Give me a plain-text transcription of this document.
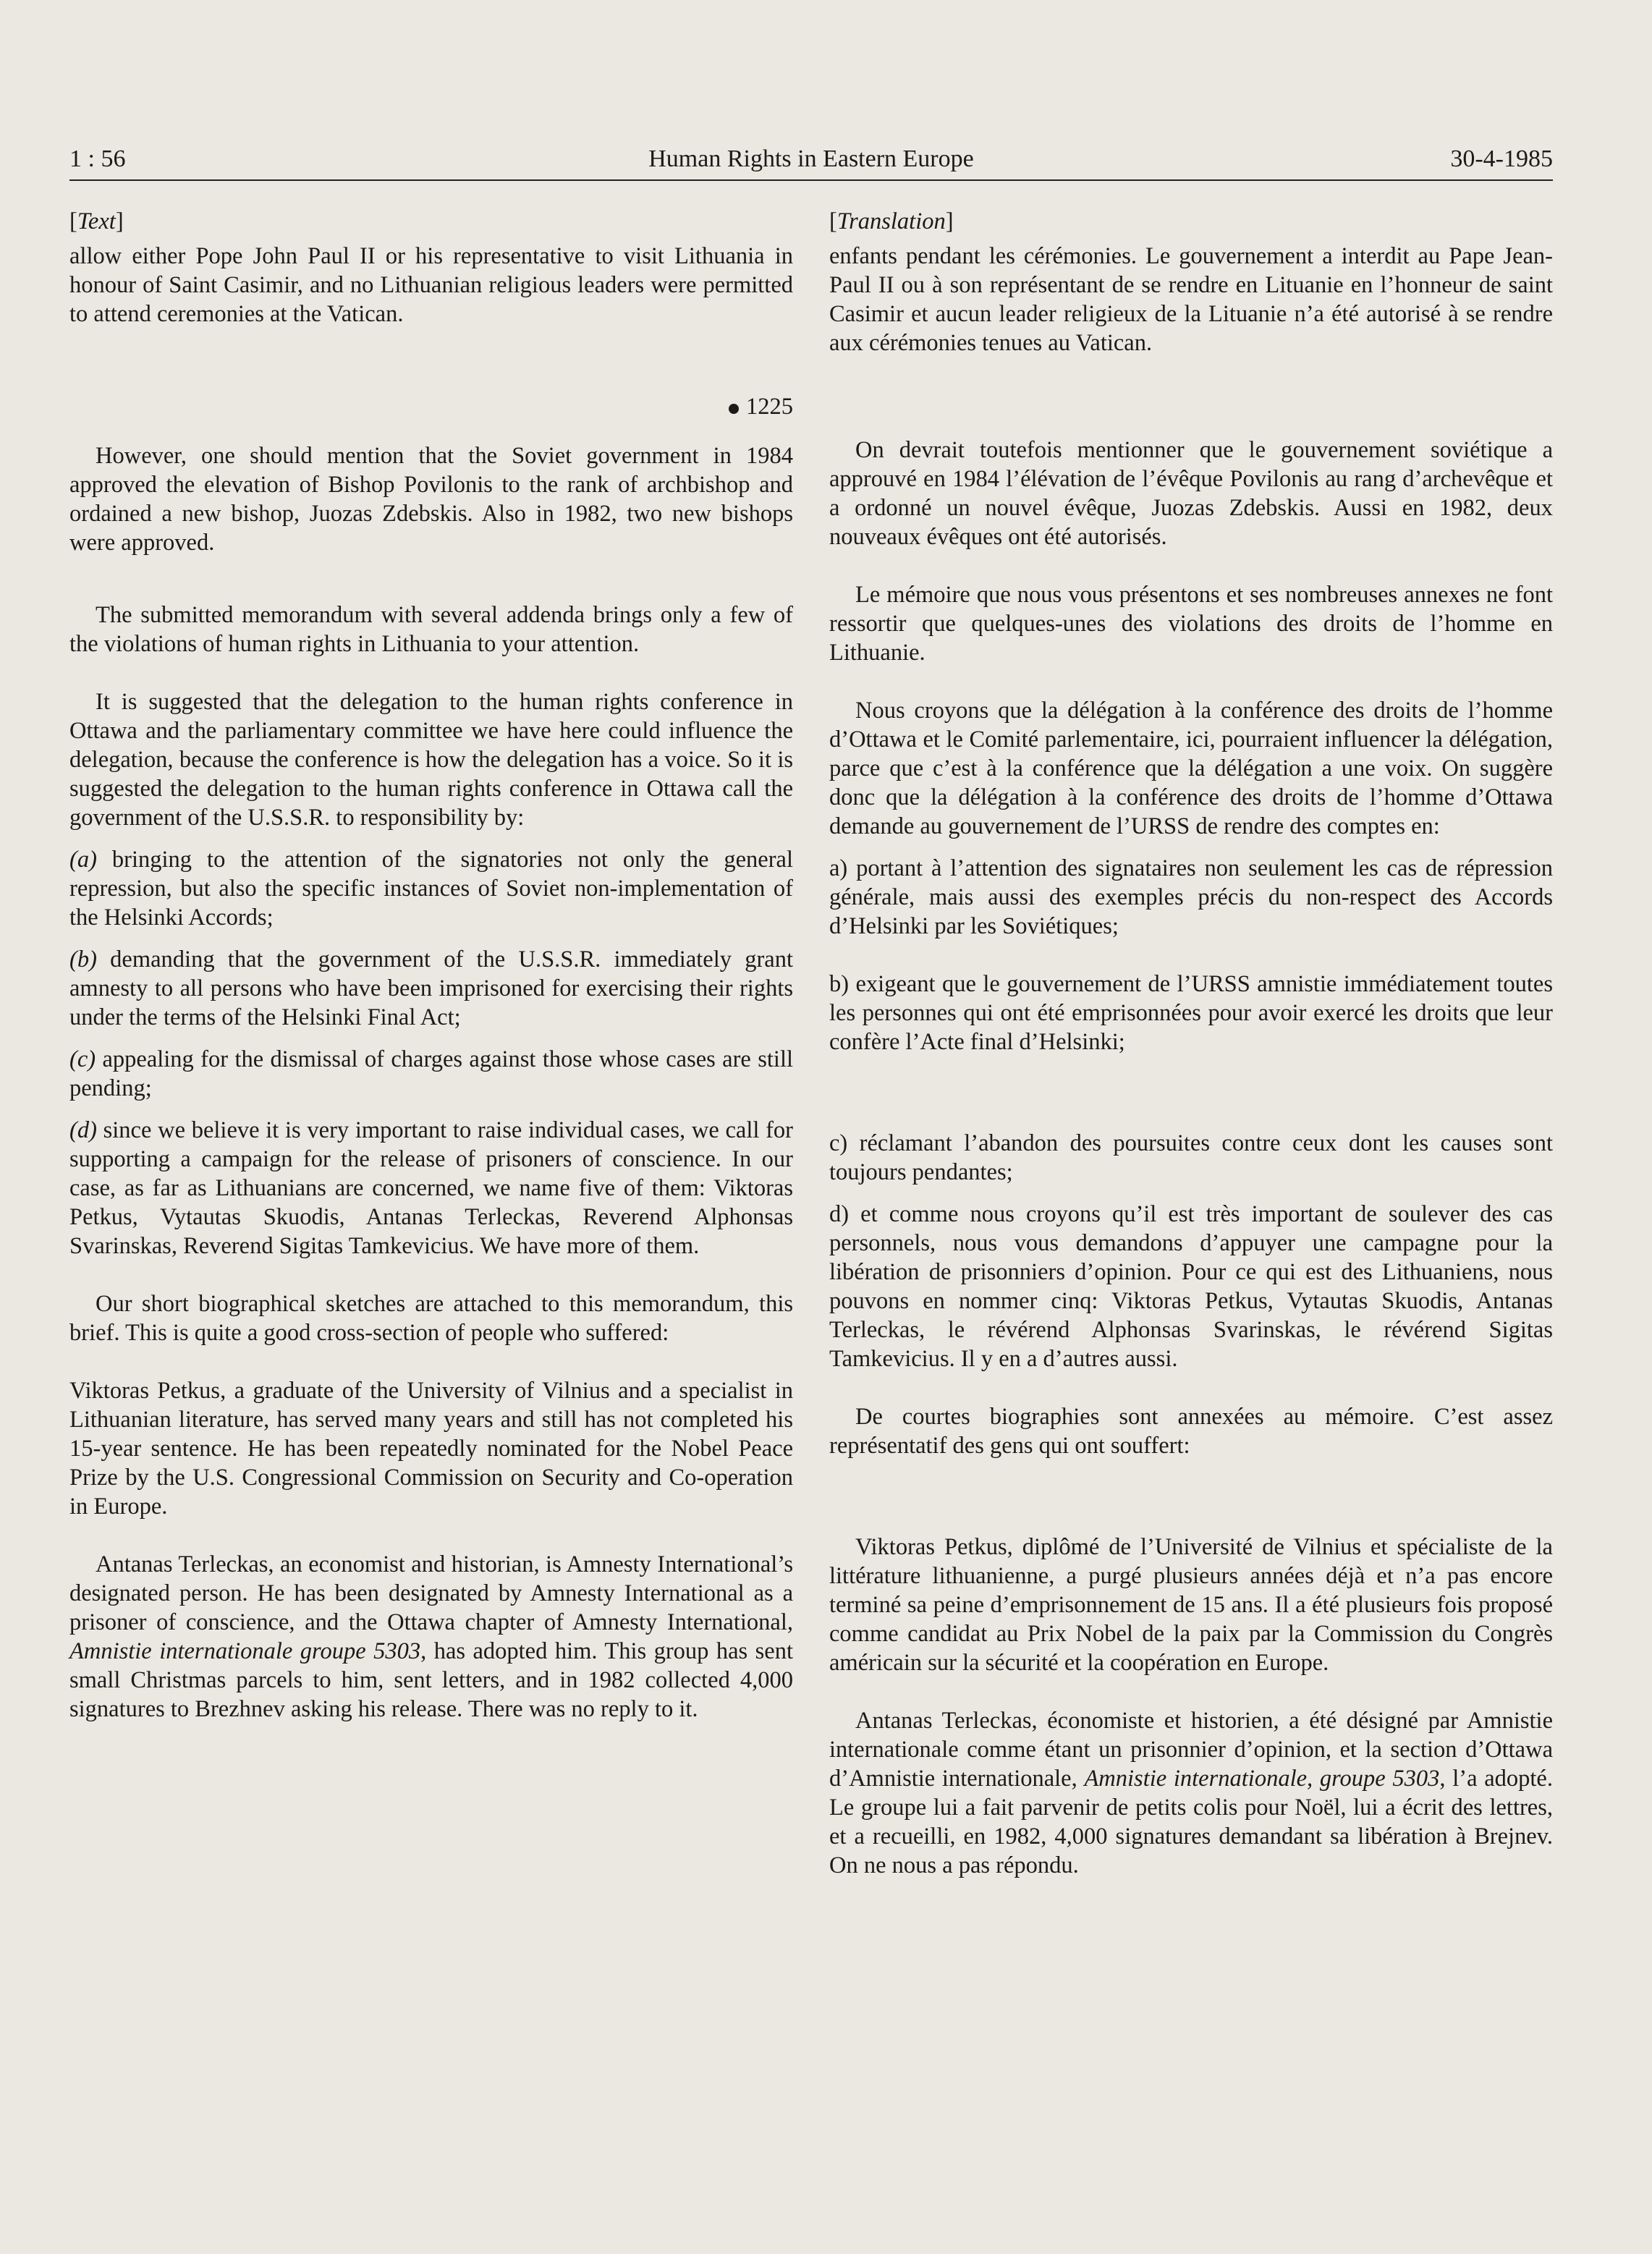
1 : 56	Human Rights in Eastern Europe	30-4-1985
[Text]

allow either Pope John Paul II or his representative to visit Lithuania in honour of Saint Casimir, and no Lithuanian religious leaders were permitted to attend ceremonies at the Vatican.

1225

However, one should mention that the Soviet government in 1984 approved the elevation of Bishop Povilonis to the rank of archbishop and ordained a new bishop, Juozas Zdebskis. Also in 1982, two new bishops were approved.

The submitted memorandum with several addenda brings only a few of the violations of human rights in Lithuania to your attention.

It is suggested that the delegation to the human rights conference in Ottawa and the parliamentary committee we have here could influence the delegation, because the conference is how the delegation has a voice. So it is suggested the delegation to the human rights conference in Ottawa call the government of the U.S.S.R. to responsibility by:

(a) bringing to the attention of the signatories not only the general repression, but also the specific instances of Soviet non-implementation of the Helsinki Accords;

(b) demanding that the government of the U.S.S.R. immediately grant amnesty to all persons who have been imprisoned for exercising their rights under the terms of the Helsinki Final Act;

(c) appealing for the dismissal of charges against those whose cases are still pending;

(d) since we believe it is very important to raise individual cases, we call for supporting a campaign for the release of prisoners of conscience. In our case, as far as Lithuanians are concerned, we name five of them: Viktoras Petkus, Vytautas Skuodis, Antanas Terleckas, Reverend Alphonsas Svarinskas, Reverend Sigitas Tamkevicius. We have more of them.

Our short biographical sketches are attached to this memorandum, this brief. This is quite a good cross-section of people who suffered:

Viktoras Petkus, a graduate of the University of Vilnius and a specialist in Lithuanian literature, has served many years and still has not completed his 15-year sentence. He has been repeatedly nominated for the Nobel Peace Prize by the U.S. Congressional Commission on Security and Co-operation in Europe.

Antanas Terleckas, an economist and historian, is Amnesty International’s designated person. He has been designated by Amnesty International as a prisoner of conscience, and the Ottawa chapter of Amnesty International, Amnistie internationale groupe 5303, has adopted him. This group has sent small Christmas parcels to him, sent letters, and in 1982 collected 4,000 signatures to Brezhnev asking his release. There was no reply to it.

[Translation]

enfants pendant les cérémonies. Le gouvernement a interdit au Pape Jean-Paul II ou à son représentant de se rendre en Lituanie en l’honneur de saint Casimir et aucun leader religieux de la Lituanie n’a été autorisé à se rendre aux cérémonies tenues au Vatican.

On devrait toutefois mentionner que le gouvernement soviétique a approuvé en 1984 l’élévation de l’évêque Povilonis au rang d’archevêque et a ordonné un nouvel évêque, Juozas Zdebskis. Aussi en 1982, deux nouveaux évêques ont été autorisés.

Le mémoire que nous vous présentons et ses nombreuses annexes ne font ressortir que quelques-unes des violations des droits de l’homme en Lithuanie.

Nous croyons que la délégation à la conférence des droits de l’homme d’Ottawa et le Comité parlementaire, ici, pourraient influencer la délégation, parce que c’est à la conférence que la délégation a une voix. On suggère donc que la délégation à la conférence des droits de l’homme d’Ottawa demande au gouvernement de l’URSS de rendre des comptes en:

a) portant à l’attention des signataires non seulement les cas de répression générale, mais aussi des exemples précis du non-respect des Accords d’Helsinki par les Soviétiques;

b) exigeant que le gouvernement de l’URSS amnistie immédiatement toutes les personnes qui ont été emprisonnées pour avoir exercé les droits que leur confère l’Acte final d’Helsinki;

c) réclamant l’abandon des poursuites contre ceux dont les causes sont toujours pendantes;

d) et comme nous croyons qu’il est très important de soulever des cas personnels, nous vous demandons d’appuyer une campagne pour la libération de prisonniers d’opinion. Pour ce qui est des Lithuaniens, nous pouvons en nommer cinq: Viktoras Petkus, Vytautas Skuodis, Antanas Terleckas, le révérend Alphonsas Svarinskas, le révérend Sigitas Tamkevicius. Il y en a d’autres aussi.

De courtes biographies sont annexées au mémoire. C’est assez représentatif des gens qui ont souffert:

Viktoras Petkus, diplômé de l’Université de Vilnius et spécialiste de la littérature lithuanienne, a purgé plusieurs années déjà et n’a pas encore terminé sa peine d’emprisonnement de 15 ans. Il a été plusieurs fois proposé comme candidat au Prix Nobel de la paix par la Commission du Congrès américain sur la sécurité et la coopération en Europe.

Antanas Terleckas, économiste et historien, a été désigné par Amnistie internationale comme étant un prisonnier d’opinion, et la section d’Ottawa d’Amnistie internationale, Amnistie internationale, groupe 5303, l’a adopté. Le groupe lui a fait parvenir de petits colis pour Noël, lui a écrit des lettres, et a recueilli, en 1982, 4,000 signatures demandant sa libération à Brejnev. On ne nous a pas répondu.
